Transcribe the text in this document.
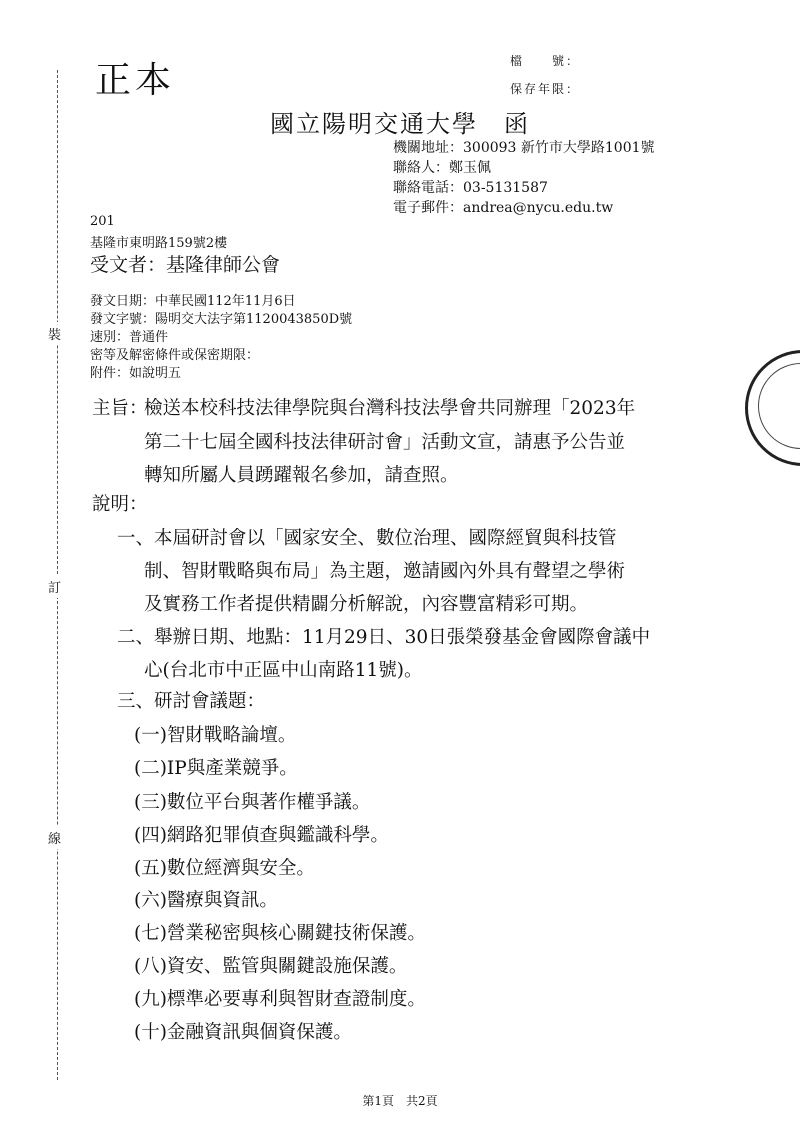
裝
訂
線
正本	檔　　號：
保存年限：
國立陽明交通大學　函
機關地址：300093 新竹市大學路1001號
聯絡人：鄭玉佩
聯絡電話：03-5131587
電子郵件：andrea@nycu.edu.tw
201
基隆市東明路159號2樓
受文者：基隆律師公會
發文日期：中華民國112年11月6日
發文字號：陽明交大法字第1120043850D號
速別：普通件
密等及解密條件或保密期限：
附件：如說明五
主旨：
檢送本校科技法律學院與台灣科技法學會共同辦理「2023年
第二十七屆全國科技法律研討會」活動文宣，請惠予公告並
轉知所屬人員踴躍報名參加，請查照。
說明：
一、本屆研討會以「國家安全、數位治理、國際經貿與科技管
制、智財戰略與布局」為主題，邀請國內外具有聲望之學術
及實務工作者提供精闢分析解說，內容豐富精彩可期。
二、舉辦日期、地點：11月29日、30日張榮發基金會國際會議中
心(台北市中正區中山南路11號)。
三、研討會議題：
(一)智財戰略論壇。
(二)IP與產業競爭。
(三)數位平台與著作權爭議。
(四)網路犯罪偵查與鑑識科學。
(五)數位經濟與安全。
(六)醫療與資訊。
(七)營業秘密與核心關鍵技術保護。
(八)資安、監管與關鍵設施保護。
(九)標準必要專利與智財查證制度。
(十)金融資訊與個資保護。
第1頁　共2頁
